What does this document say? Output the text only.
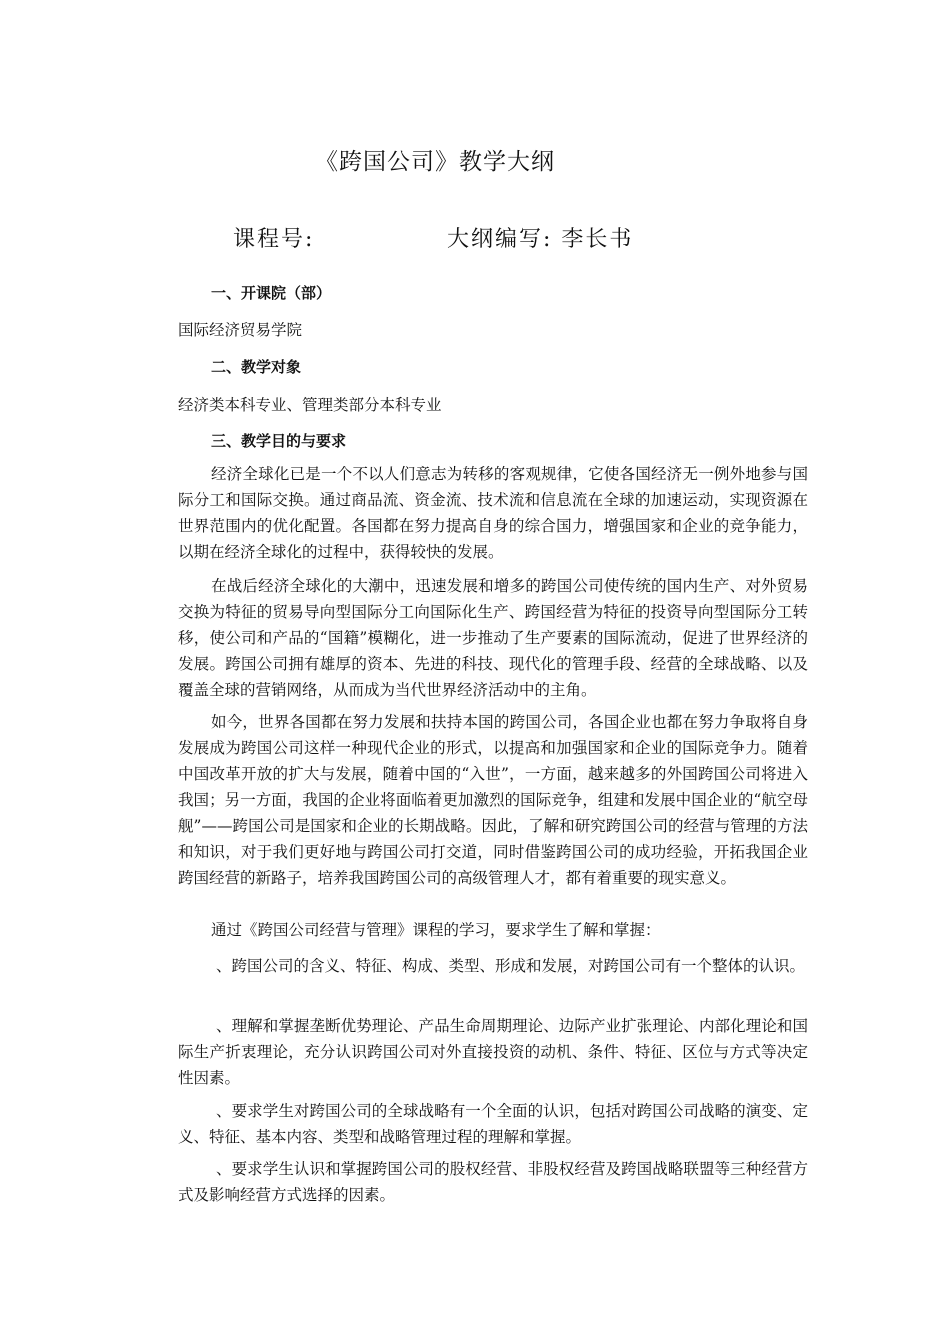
《跨国公司》教学大纲
课程号:	大纲编写: 李长书
一、开课院（部）
国际经济贸易学院
二、教学对象
经济类本科专业、管理类部分本科专业
三、教学目的与要求

经济全球化已是一个不以人们意志为转移的客观规律，它使各国经济无一例外地参与国际分工和国际交换。通过商品流、资金流、技术流和信息流在全球的加速运动，实现资源在世界范围内的优化配置。各国都在努力提高自身的综合国力，增强国家和企业的竞争能力，以期在经济全球化的过程中，获得较快的发展。

在战后经济全球化的大潮中，迅速发展和增多的跨国公司使传统的国内生产、对外贸易交换为特征的贸易导向型国际分工向国际化生产、跨国经营为特征的投资导向型国际分工转移，使公司和产品的“国籍”模糊化，进一步推动了生产要素的国际流动，促进了世界经济的发展。跨国公司拥有雄厚的资本、先进的科技、现代化的管理手段、经营的全球战略、以及覆盖全球的营销网络，从而成为当代世界经济活动中的主角。

如今，世界各国都在努力发展和扶持本国的跨国公司，各国企业也都在努力争取将自身发展成为跨国公司这样一种现代企业的形式，以提高和加强国家和企业的国际竞争力。随着中国改革开放的扩大与发展，随着中国的“入世”，一方面，越来越多的外国跨国公司将进入我国；另一方面，我国的企业将面临着更加激烈的国际竞争，组建和发展中国企业的“航空母舰”——跨国公司是国家和企业的长期战略。因此，了解和研究跨国公司的经营与管理的方法和知识，对于我们更好地与跨国公司打交道，同时借鉴跨国公司的成功经验，开拓我国企业跨国经营的新路子，培养我国跨国公司的高级管理人才，都有着重要的现实意义。

通过《跨国公司经营与管理》课程的学习，要求学生了解和掌握：

、跨国公司的含义、特征、构成、类型、形成和发展，对跨国公司有一个整体的认识。

、理解和掌握垄断优势理论、产品生命周期理论、边际产业扩张理论、内部化理论和国际生产折衷理论，充分认识跨国公司对外直接投资的动机、条件、特征、区位与方式等决定性因素。

、要求学生对跨国公司的全球战略有一个全面的认识，包括对跨国公司战略的演变、定义、特征、基本内容、类型和战略管理过程的理解和掌握。

、要求学生认识和掌握跨国公司的股权经营、非股权经营及跨国战略联盟等三种经营方式及影响经营方式选择的因素。
